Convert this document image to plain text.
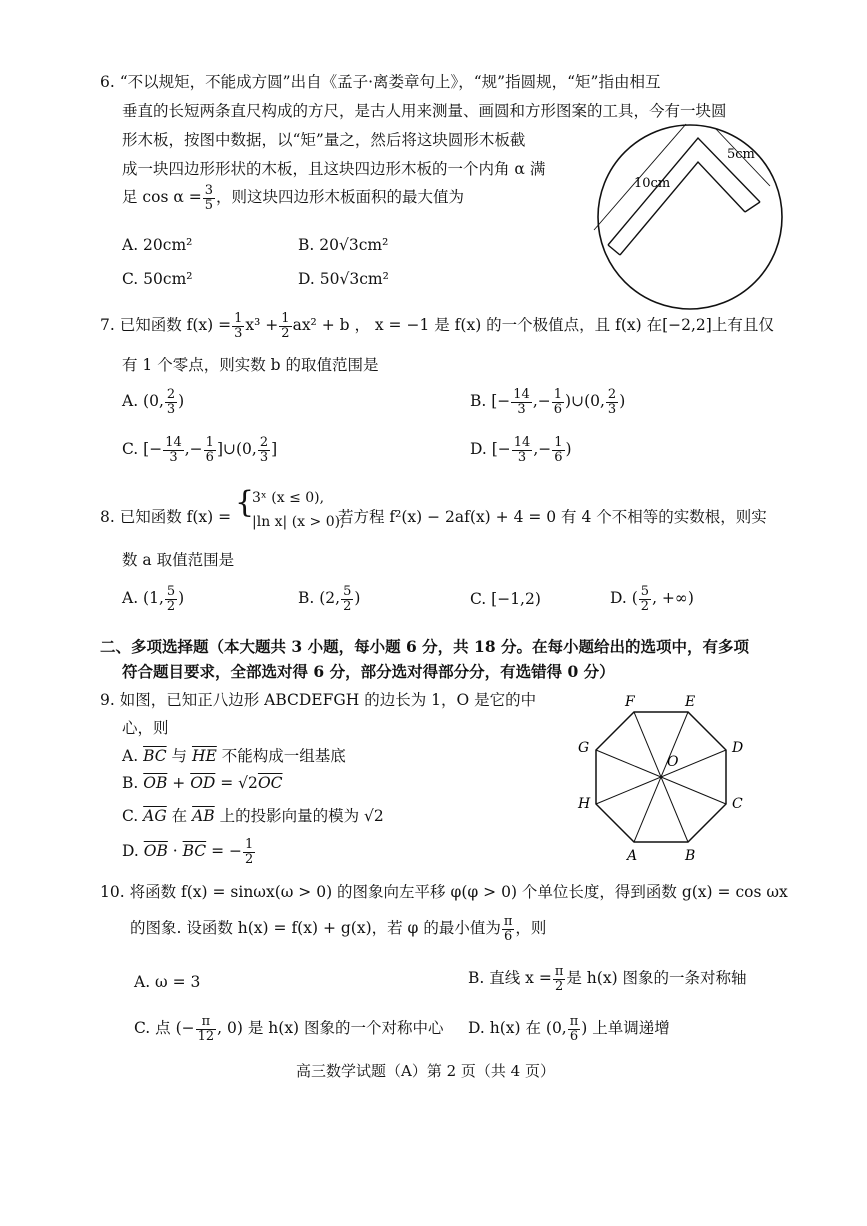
6. “不以规矩，不能成方圆”出自《孟子·离娄章句上》，“规”指圆规，“矩”指由相互
垂直的长短两条直尺构成的方尺，是古人用来测量、画圆和方形图案的工具，今有一块圆
形木板，按图中数据，以“矩”量之，然后将这块圆形木板截
成一块四边形形状的木板，且这块四边形木板的一个内角 α 满
足 $\cos \alpha = \frac{3}{5}$ ，则这块四边形木板面积的最大值为
A. 20cm²	B. 20√3cm²
C. 50cm²	D. 50√3cm²
10cm
5cm
7. 已知函数 $f(x) = \frac{1}{3} x^3 + \frac{1}{2} ax^2 + b$ ， x = −1 是 f(x) 的一个极值点，且 f(x) 在[−2,2]上有且仅
有 1 个零点，则实数 b 的取值范围是
A. (0, $\frac{2}{3}$ )	B. [− $\frac{14}{3}$ ,− $\frac{1}{6}$ )∪(0, $\frac{2}{3}$ )
C. [− $\frac{14}{3}$ ,− $\frac{1}{6}$ ]∪(0, $\frac{2}{3}$ ]	D. [− $\frac{14}{3}$ ,− $\frac{1}{6}$ )
8. 已知函数 f(x) = {
3ˣ (x ≤ 0),
|ln x| (x > 0),
若方程 f²(x) − 2af(x) + 4 = 0 有 4 个不相等的实数根，则实
数 a 取值范围是
A. (1, $\frac{5}{2}$ )	B. (2, $\frac{5}{2}$ )	C. [−1,2)	D. ( $\frac{5}{2}$ , +∞)
二、多项选择题（本大题共 3 小题，每小题 6 分，共 18 分。在每小题给出的选项中，有多项
符合题目要求，全部选对得 6 分，部分选对得部分分，有选错得 0 分）
9. 如图，已知正八边形 ABCDEFGH 的边长为 1，O 是它的中
心，则
A. $\overline{BC}$ 与 $\overline{HE}$ 不能构成一组基底
B. $\overline{OB} + \overline{OD} = √2\overline{OC}$
C. $\overline{AG}$ 在 $\overline{AB}$ 上的投影向量的模为 √2
D. $\overline{OB} \cdot \overline{BC}$ = − $\frac{1}{2}$	A	B
C
D
E
F
G
H
O
10. 将函数 f(x) = sinωx(ω > 0) 的图象向左平移 φ(φ > 0) 个单位长度，得到函数 g(x) = cos ωx
的图象. 设函数 h(x) = f(x) + g(x)，若 φ 的最小值为 $\frac{\pi}{6}$ ，则
A. ω = 3	B. 直线 $x = \frac{\pi}{2}$ 是 h(x) 图象的一条对称轴
C. 点 (− $\frac{\pi}{12}$ , 0) 是 h(x) 图象的一个对称中心 D. h(x) 在 (0, $\frac{\pi}{6}$ ) 上单调递增
高三数学试题（A）第 2 页（共 4 页）
